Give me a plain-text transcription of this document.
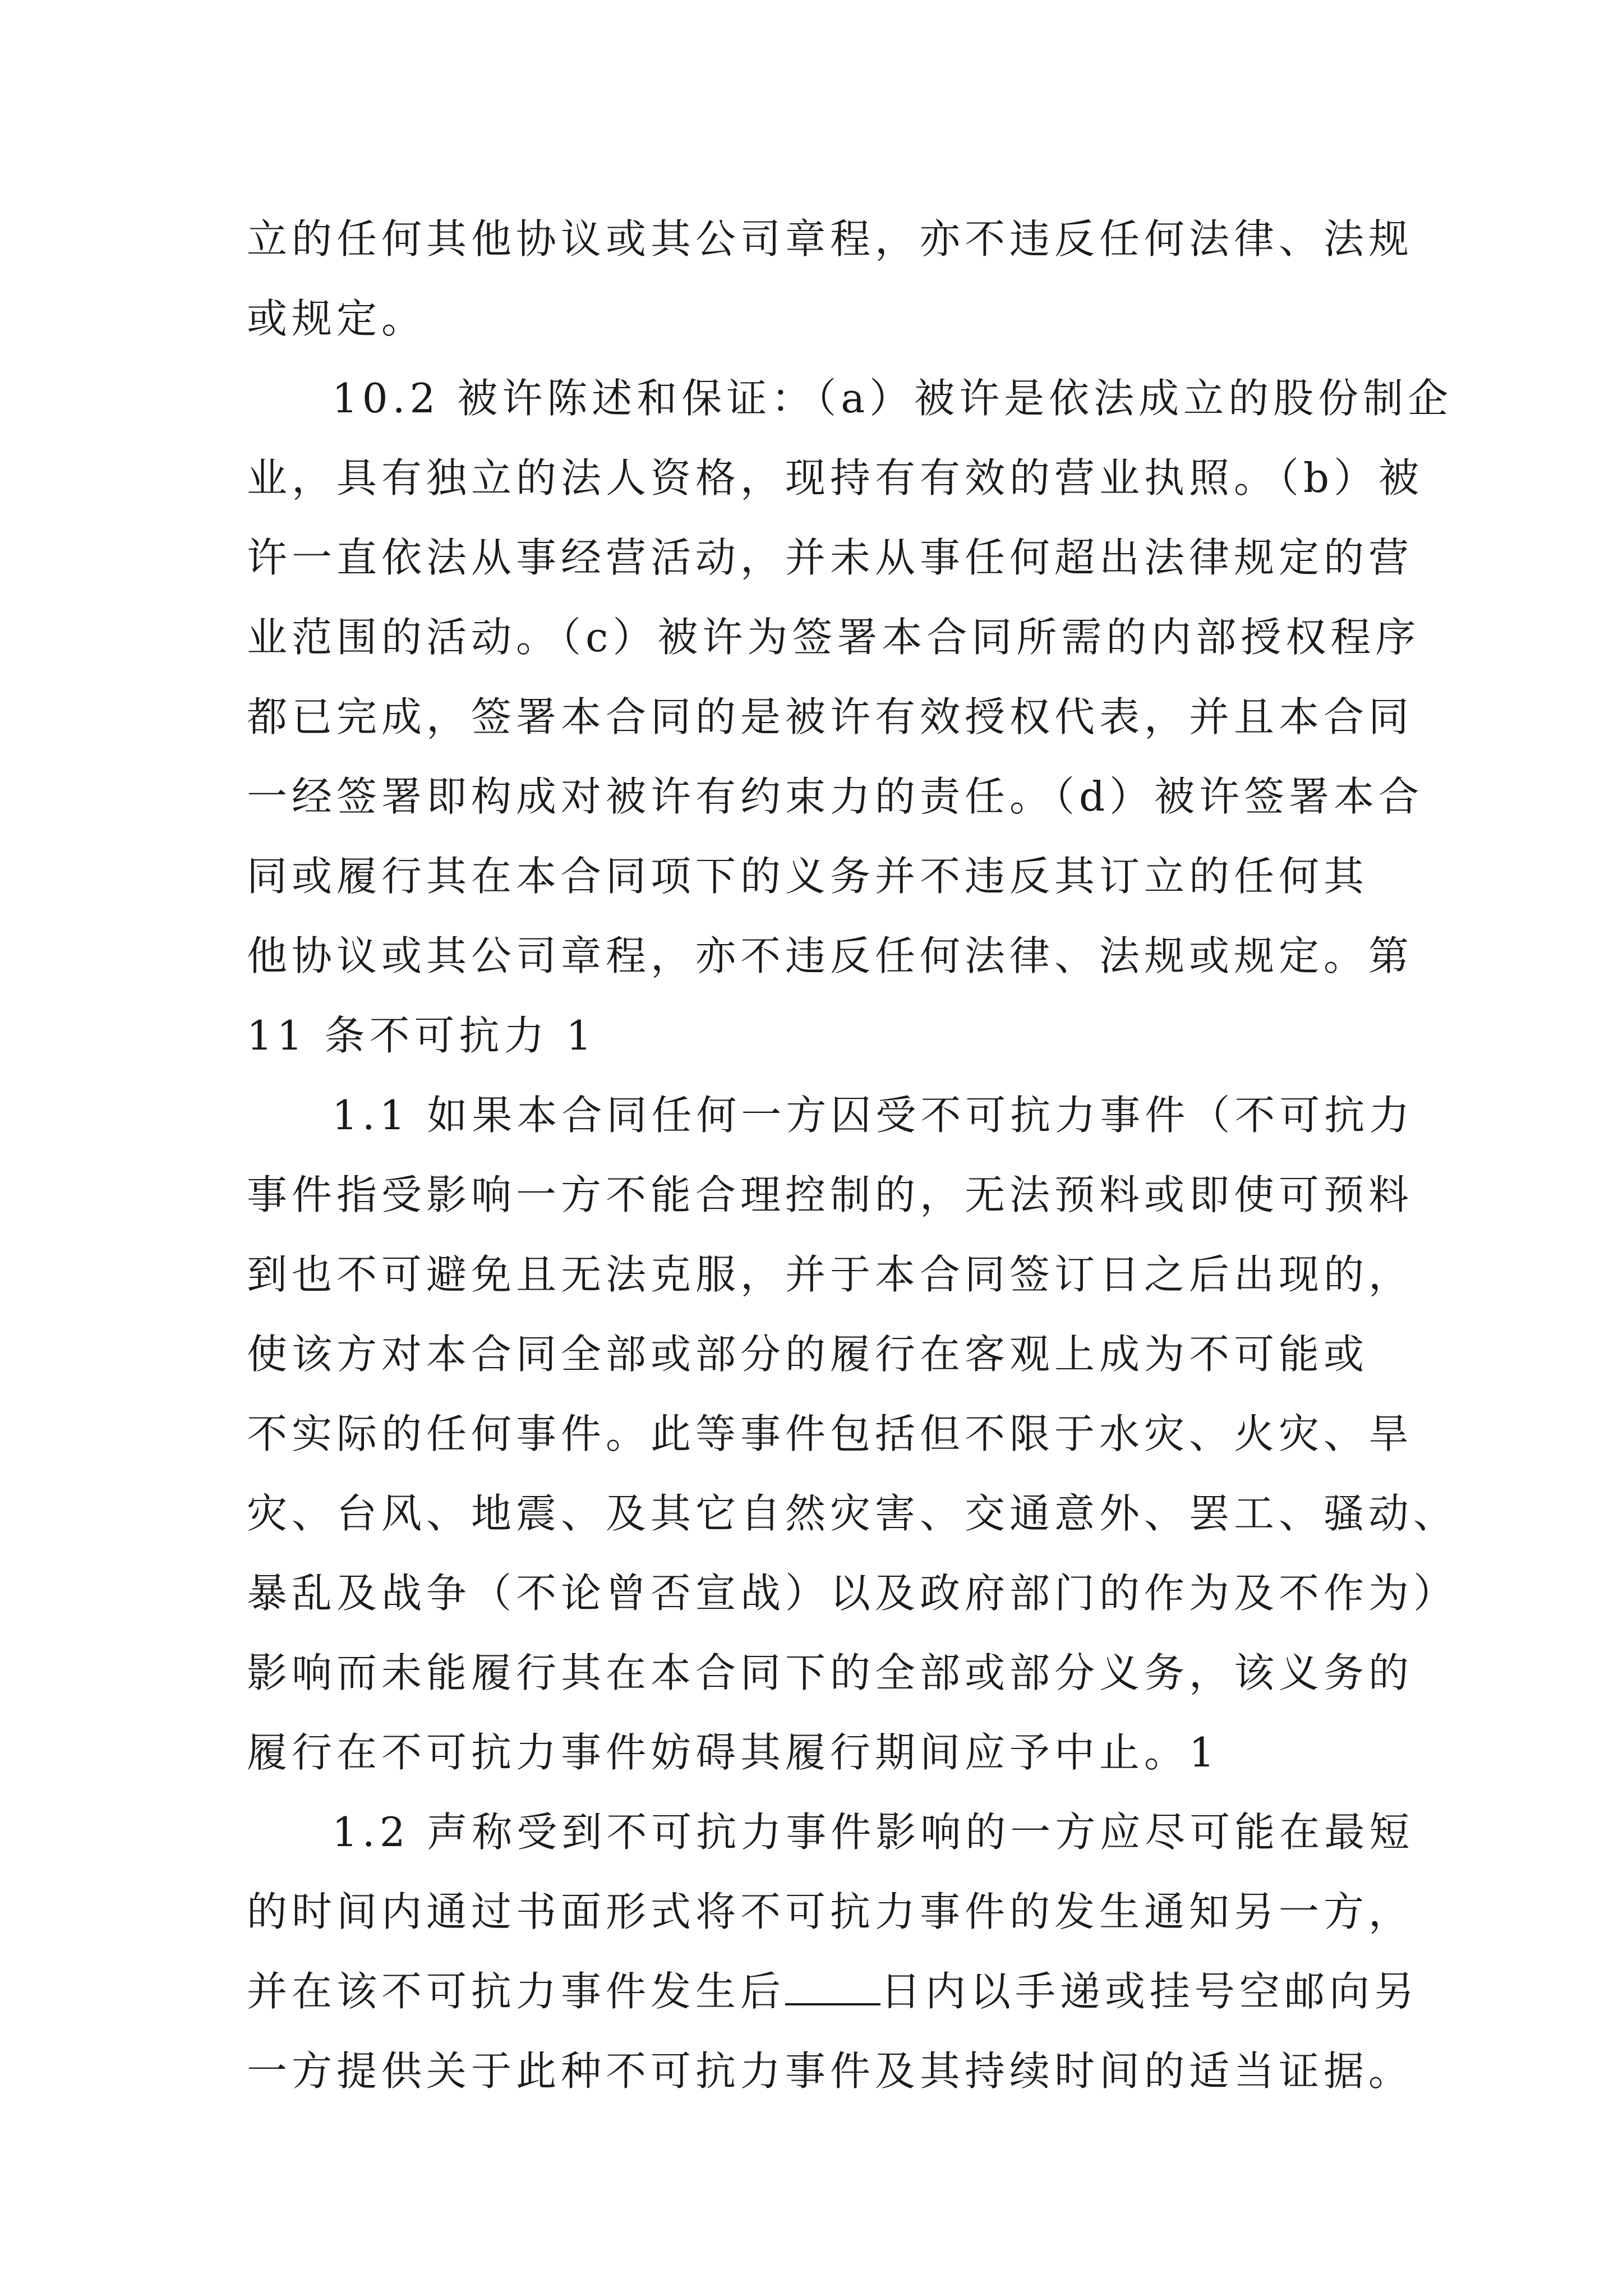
立的任何其他协议或其公司章程，亦不违反任何法律、法规
或规定。
10.2 被许陈述和保证：（a）被许是依法成立的股份制企
业，具有独立的法人资格，现持有有效的营业执照。（b）被
许一直依法从事经营活动，并未从事任何超出法律规定的营
业范围的活动。（c）被许为签署本合同所需的内部授权程序
都已完成，签署本合同的是被许有效授权代表，并且本合同
一经签署即构成对被许有约束力的责任。（d）被许签署本合
同或履行其在本合同项下的义务并不违反其订立的任何其
他协议或其公司章程，亦不违反任何法律、法规或规定。第
11 条不可抗力 1
1.1 如果本合同任何一方囚受不可抗力事件（不可抗力
事件指受影响一方不能合理控制的，无法预料或即使可预料
到也不可避免且无法克服，并于本合同签订日之后出现的，
使该方对本合同全部或部分的履行在客观上成为不可能或
不实际的任何事件。此等事件包括但不限于水灾、火灾、旱
灾、台风、地震、及其它自然灾害、交通意外、罢工、骚动、
暴乱及战争（不论曾否宣战）以及政府部门的作为及不作为）
影响而未能履行其在本合同下的全部或部分义务，该义务的
履行在不可抗力事件妨碍其履行期间应予中止。1
1.2 声称受到不可抗力事件影响的一方应尽可能在最短
的时间内通过书面形式将不可抗力事件的发生通知另一方，
并在该不可抗力事件发生后 日内以手递或挂号空邮向另
一方提供关于此种不可抗力事件及其持续时间的适当证据。
